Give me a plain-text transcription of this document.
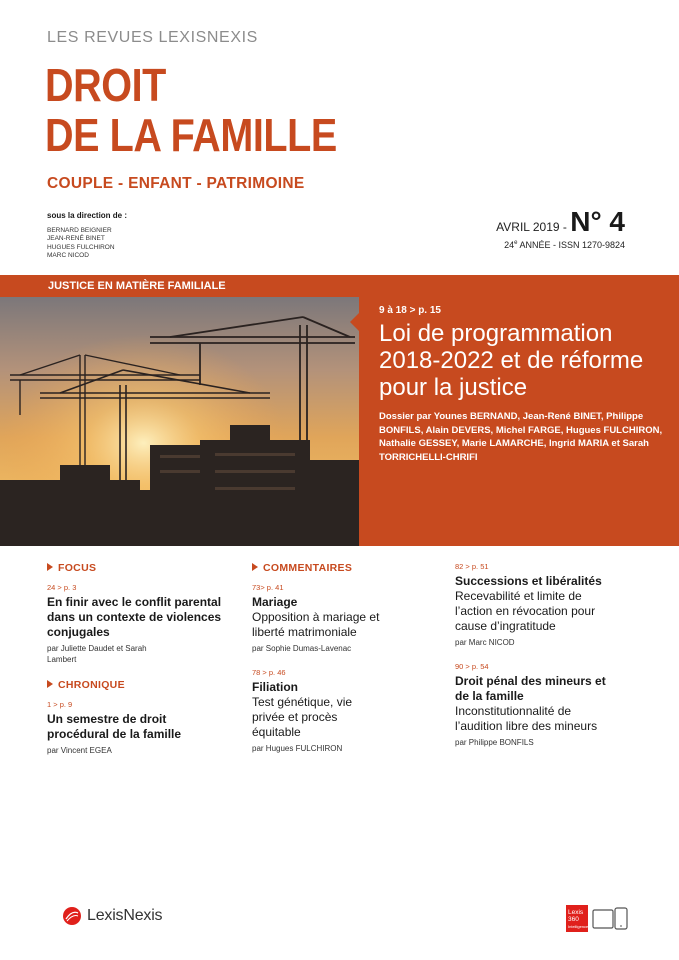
LES REVUES LEXISNEXIS
DROIT
DE LA FAMILLE
COUPLE - ENFANT - PATRIMOINE
sous la direction de :
BERNARD BEIGNIER
JEAN-RENÉ BINET
HUGUES FULCHIRON
MARC NICOD
AVRIL 2019 - N° 4
24e ANNÉE - ISSN 1270-9824
JUSTICE EN MATIÈRE FAMILIALE
9 à 18 > p. 15
Loi de programmation 2018-2022 et de réforme pour la justice
Dossier par Younes BERNAND, Jean-René BINET, Philippe BONFILS, Alain DEVERS, Michel FARGE, Hugues FULCHIRON, Nathalie GESSEY, Marie LAMARCHE, Ingrid MARIA et Sarah TORRICHELLI-CHRIFI
FOCUS
24 > p. 3
En finir avec le conflit parental dans un contexte de violences conjugales
par Juliette Daudet et Sarah Lambert
CHRONIQUE
1 > p. 9
Un semestre de droit procédural de la famille
par Vincent EGEA
COMMENTAIRES
73> p. 41
Mariage
Opposition à mariage et liberté matrimoniale
par Sophie Dumas-Lavenac
78 > p. 46
Filiation
Test génétique, vie privée et procès équitable
par Hugues FULCHIRON
82 > p. 51
Successions et libéralités
Recevabilité et limite de l’action en révocation pour cause d’ingratitude
par Marc NICOD
90 > p. 54
Droit pénal des mineurs et de la famille
Inconstitutionnalité de l’audition libre des mineurs
par Philippe BONFILS
LexisNexis	Lexis
360
Intelligence
